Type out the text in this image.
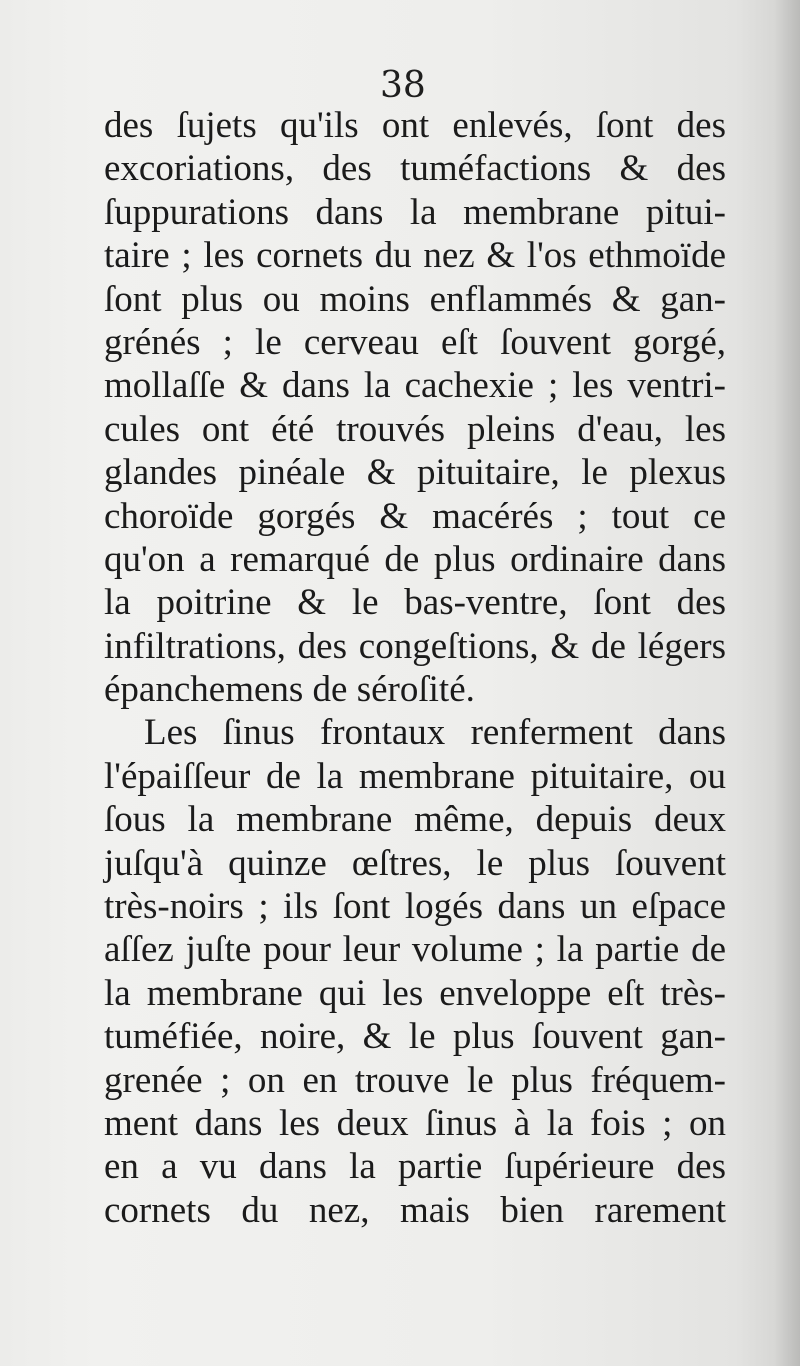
38
des ſujets qu'ils ont enlevés, ſont des
excoriations, des tuméfactions & des
ſuppurations dans la membrane pitui-
taire ; les cornets du nez & l'os ethmoïde
ſont plus ou moins enflammés & gan-
grénés ; le cerveau eſt ſouvent gorgé,
mollaſſe & dans la cachexie ; les ventri-
cules ont été trouvés pleins d'eau, les
glandes pinéale & pituitaire, le plexus
choroïde gorgés & macérés ; tout ce
qu'on a remarqué de plus ordinaire dans
la poitrine & le bas-ventre, ſont des
infiltrations, des congeſtions, & de légers
épanchemens de séroſité.
Les ſinus frontaux renferment dans
l'épaiſſeur de la membrane pituitaire, ou
ſous la membrane même, depuis deux
juſqu'à quinze œſtres, le plus ſouvent
très-noirs ; ils ſont logés dans un eſpace
aſſez juſte pour leur volume ; la partie de
la membrane qui les enveloppe eſt très-
tuméfiée, noire, & le plus ſouvent gan-
grenée ; on en trouve le plus fréquem-
ment dans les deux ſinus à la fois ; on
en a vu dans la partie ſupérieure des
cornets du nez, mais bien rarement
